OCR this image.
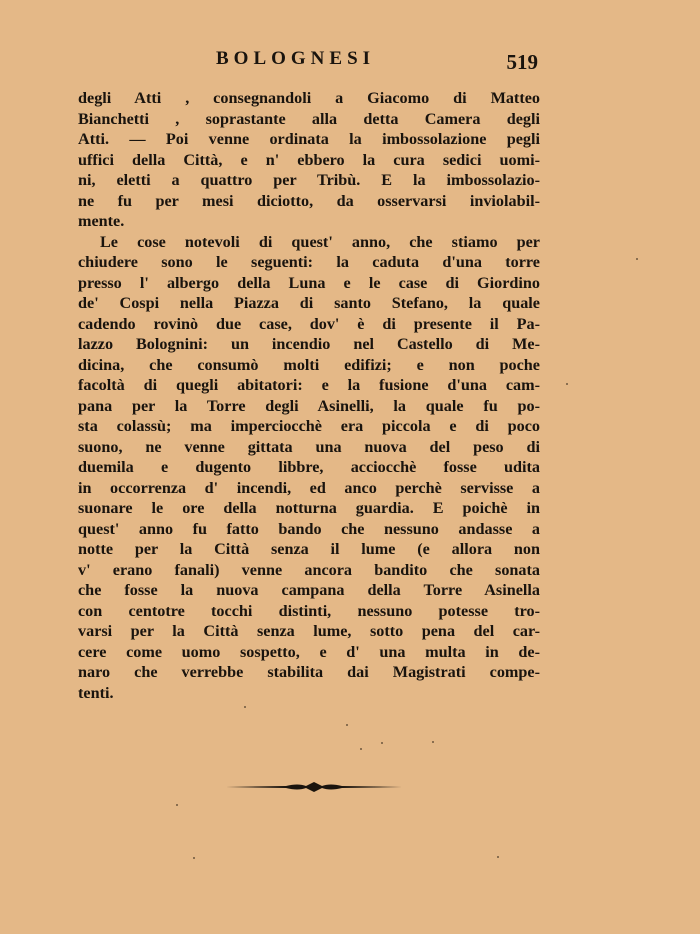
BOLOGNESI	519
degli Atti , consegnandoli a Giacomo di Matteo
Bianchetti , soprastante alla detta Camera degli
Atti. — Poi venne ordinata la imbossolazione pegli
uffici della Città, e n' ebbero la cura sedici uomi-
ni, eletti a quattro per Tribù. E la imbossolazio-
ne fu per mesi diciotto, da osservarsi inviolabil-
mente.
Le cose notevoli di quest' anno, che stiamo per
chiudere sono le seguenti: la caduta d'una torre
presso l' albergo della Luna e le case di Giordino
de' Cospi nella Piazza di santo Stefano, la quale
cadendo rovinò due case, dov' è di presente il Pa-
lazzo Bolognini: un incendio nel Castello di Me-
dicina, che consumò molti edifizi; e non poche
facoltà di quegli abitatori: e la fusione d'una cam-
pana per la Torre degli Asinelli, la quale fu po-
sta colassù; ma imperciocchè era piccola e di poco
suono, ne venne gittata una nuova del peso di
duemila e dugento libbre, acciocchè fosse udita
in occorrenza d' incendi, ed anco perchè servisse a
suonare le ore della notturna guardia. E poichè in
quest' anno fu fatto bando che nessuno andasse a
notte per la Città senza il lume (e allora non
v' erano fanali) venne ancora bandito che sonata
che fosse la nuova campana della Torre Asinella
con centotre tocchi distinti, nessuno potesse tro-
varsi per la Città senza lume, sotto pena del car-
cere come uomo sospetto, e d' una multa in de-
naro che verrebbe stabilita dai Magistrati compe-
tenti.
